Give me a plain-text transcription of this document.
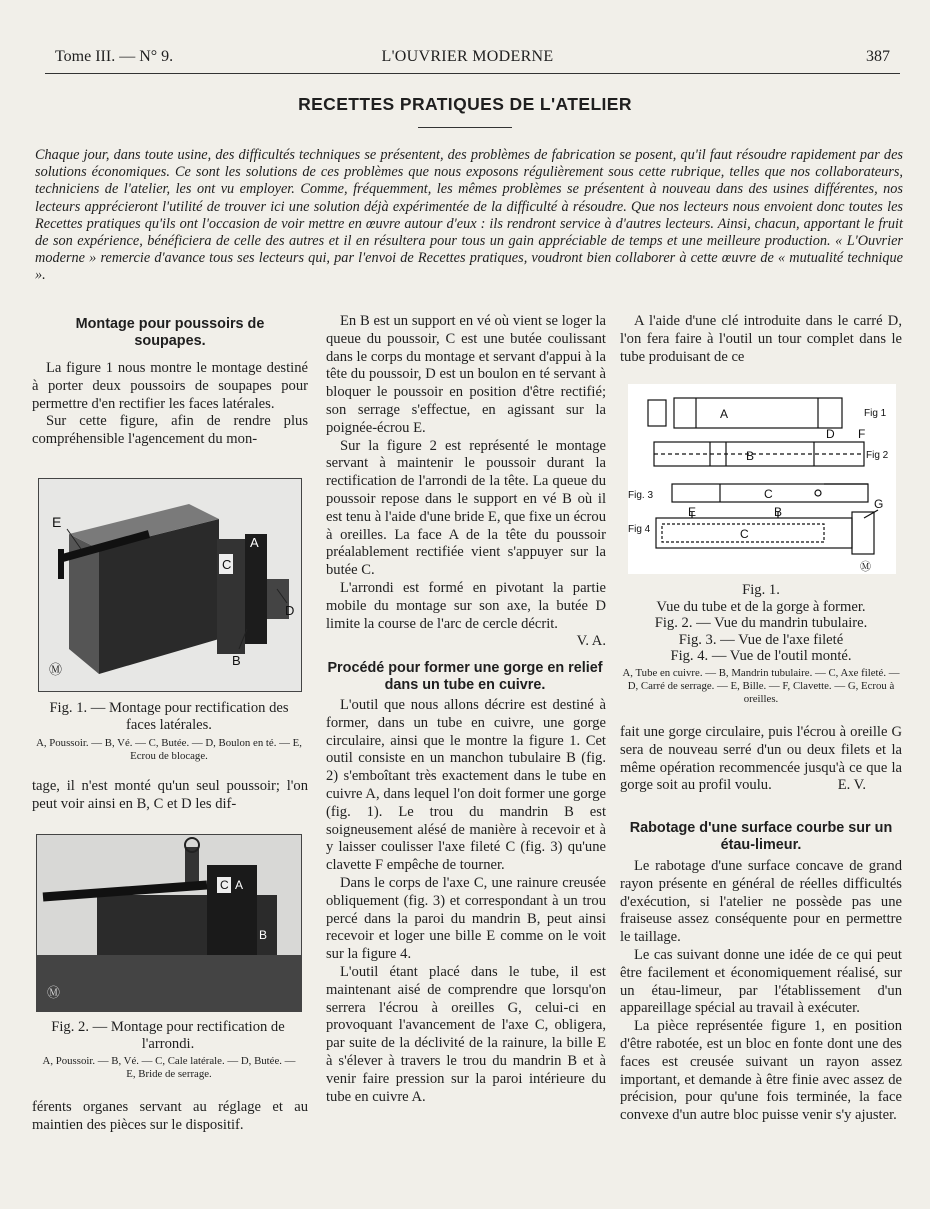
Tome III. — N° 9.	L'OUVRIER MODERNE	387
RECETTES PRATIQUES DE L'ATELIER
Chaque jour, dans toute usine, des difficultés techniques se présentent, des problèmes de fabrication se posent, qu'il faut résoudre rapidement par des solutions économiques. Ce sont les solutions de ces problèmes que nous exposons régulièrement sous cette rubrique, telles que nos collaborateurs, techniciens de l'atelier, les ont vu employer. Comme, fréquemment, les mêmes problèmes se présentent à nouveau dans des usines différentes, nos lecteurs apprécieront l'utilité de trouver ici une solution déjà expérimentée de la difficulté à résoudre. Que nos lecteurs nous envoient donc toutes les Recettes pratiques qu'ils ont l'occasion de voir mettre en œuvre autour d'eux : ils rendront service à d'autres lecteurs. Ainsi, chacun, apportant le fruit de son expérience, bénéficiera de celle des autres et il en résultera pour tous un gain appréciable de temps et une meilleure production. « L'Ouvrier moderne » remercie d'avance tous ses lecteurs qui, par l'envoi de Recettes pratiques, voudront bien collaborer à cette œuvre de « mutualité technique ».
Montage pour poussoirs de soupapes.

La figure 1 nous montre le montage destiné à porter deux poussoirs de soupapes pour permettre d'en rectifier les faces latérales.

Sur cette figure, afin de rendre plus compréhensible l'agencement du mon-

E
C
A
D
B
Ⓜ
Fig. 1. — Montage pour rectification des faces latérales.
A, Poussoir. — B, Vé. — C, Butée. — D, Boulon en té. — E, Ecrou de blocage.

tage, il n'est monté qu'un seul poussoir; l'on peut voir ainsi en B, C et D les dif-

C A
B
Ⓜ
Fig. 2. — Montage pour rectification de l'arrondi.
A, Poussoir. — B, Vé. — C, Cale latérale. — D, Butée. — E, Bride de serrage.

férents organes servant au réglage et au maintien des pièces sur le dispositif.

En B est un support en vé où vient se loger la queue du poussoir, C est une butée coulissant dans le corps du montage et servant d'appui à la tête du poussoir, D est un boulon en té servant à bloquer le poussoir en position d'être rectifié; son serrage s'effectue, en agissant sur la poignée-écrou E.

Sur la figure 2 est représenté le montage servant à maintenir le poussoir durant la rectification de l'arrondi de la tête. La queue du poussoir repose dans le support en vé B où il est tenu à l'aide d'une bride E, que fixe un écrou à oreilles. La face A de la tête du poussoir préalablement rectifiée vient s'appuyer sur la butée C.

L'arrondi est formé en pivotant la partie mobile du montage sur son axe, la butée D limite la course de l'arc de cercle décrit.

V. A.

Procédé pour former une gorge en relief dans un tube en cuivre.

L'outil que nous allons décrire est destiné à former, dans un tube en cuivre, une gorge circulaire, ainsi que le montre la figure 1. Cet outil consiste en un manchon tubulaire B (fig. 2) s'emboîtant très exactement dans le tube en cuivre A, dans lequel l'on doit former une gorge (fig. 1). Le trou du mandrin B est soigneusement alésé de manière à recevoir et à y laisser coulisser l'axe fileté C (fig. 3) qu'une clavette F empêche de tourner.

Dans le corps de l'axe C, une rainure creusée obliquement (fig. 3) et correspondant à un trou percé dans la paroi du mandrin B, peut ainsi recevoir et loger une bille E comme on le voit sur la figure 4.

L'outil étant placé dans le tube, il est maintenant aisé de comprendre que lorsqu'on serrera l'écrou à oreilles G, celui-ci en provoquant l'avancement de l'axe C, obligera, par suite de la déclivité de la rainure, la bille E à s'élever à travers le trou du mandrin B et à venir faire pression sur la paroi intérieure du tube en cuivre A.

A l'aide d'une clé introduite dans le carré D, l'on fera faire à l'outil un tour complet dans le tube produisant de ce

Fig 1
A
D F
B	Fig 2
Fig. 3	C
E	B
G
Fig 4	C
Ⓜ
Fig. 1.
Vue du tube et de la gorge à former.
Fig. 2. — Vue du mandrin tubulaire.
Fig. 3. — Vue de l'axe fileté
Fig. 4. — Vue de l'outil monté.
A, Tube en cuivre. — B, Mandrin tubulaire. — C, Axe fileté. — D, Carré de serrage. — E, Bille. — F, Clavette. — G, Ecrou à oreilles.

fait une gorge circulaire, puis l'écrou à oreille G sera de nouveau serré d'un ou deux filets et la même opération recommencée jusqu'à ce que la gorge soit au profil voulu.	E. V.

Rabotage d'une surface courbe sur un étau-limeur.

Le rabotage d'une surface concave de grand rayon présente en général de réelles difficultés d'exécution, si l'atelier ne possède pas une fraiseuse assez conséquente pour en permettre le taillage.

Le cas suivant donne une idée de ce qui peut être facilement et économiquement réalisé, sur un étau-limeur, par l'établissement d'un appareillage spécial au travail à exécuter.

La pièce représentée figure 1, en position d'être rabotée, est un bloc en fonte dont une des faces est creusée suivant un rayon assez important, et demande à être finie avec assez de précision, pour qu'une fois terminée, la face convexe d'un autre bloc puisse venir s'y ajuster.
